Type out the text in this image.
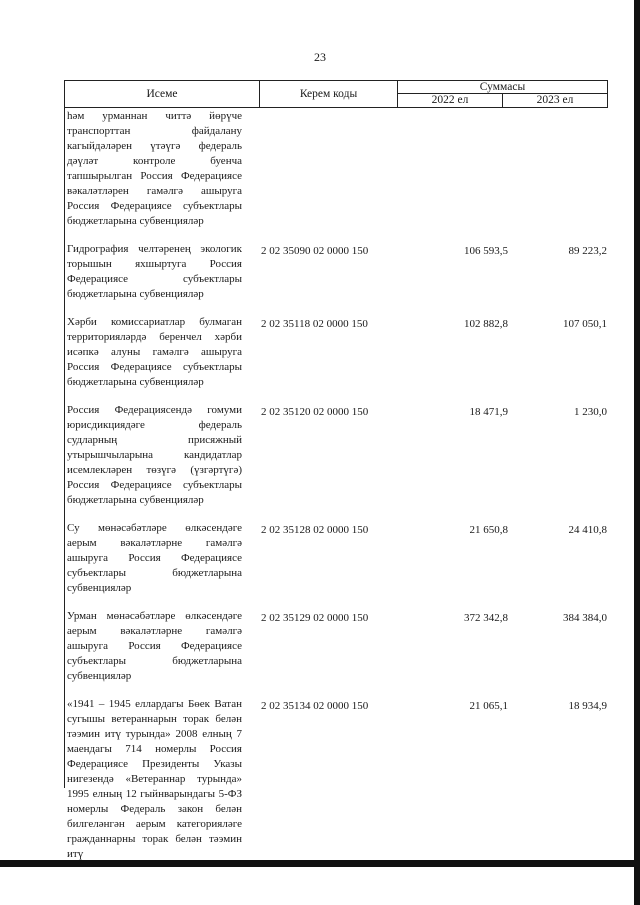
23
Исеме	Керем коды
Суммасы
2022 ел	2023 ел
һәм урманнан читтә йөрүче транспорттан файдалану кагыйдәләрен үтәүгә федераль дәүләт контроле буенча тапшырылган Россия Федерациясе вәкаләтләрен гамәлгә ашыруга Россия Федерациясе субъектлары бюджетларына субвенцияләр
Гидрография челтәренең экологик торышын яхшыртуга Россия Федерациясе субъектлары бюджетларына субвенцияләр
2 02 35090 02 0000 150	106 593,5	89 223,2
Хәрби комиссариатлар булмаган территорияләрдә беренчел хәрби исәпкә алуны гамәлгә ашыруга Россия Федерациясе субъектлары бюджетларына субвенцияләр
2 02 35118 02 0000 150	102 882,8	107 050,1
Россия Федерациясендә гомуми юрисдикциядәге федераль судларның присяжный утырышчыларына кандидатлар исемлекләрен төзүгә (үзгәртүгә) Россия Федерациясе субъектлары бюджетларына субвенцияләр
2 02 35120 02 0000 150	18 471,9	1 230,0
Су мөнәсәбәтләре өлкәсендәге аерым вәкаләтләрне гамәлгә ашыруга Россия Федерациясе субъектлары бюджетларына субвенцияләр
2 02 35128 02 0000 150	21 650,8	24 410,8
Урман мөнәсәбәтләре өлкәсендәге аерым вәкаләтләрне гамәлгә ашыруга Россия Федерациясе субъектлары бюджетларына субвенцияләр
2 02 35129 02 0000 150	372 342,8	384 384,0
«1941 – 1945 еллардагы Бөек Ватан сугышы ветераннарын торак белән тәэмин итү турында» 2008 елның 7 маендагы 714 номерлы Россия Федерациясе Президенты Указы нигезендә «Ветераннар турында» 1995 елның 12 гыйнварындагы 5-ФЗ номерлы Федераль закон белән билгеләнгән аерым категорияләге гражданнарны торак белән тәэмин итү
2 02 35134 02 0000 150	21 065,1	18 934,9
